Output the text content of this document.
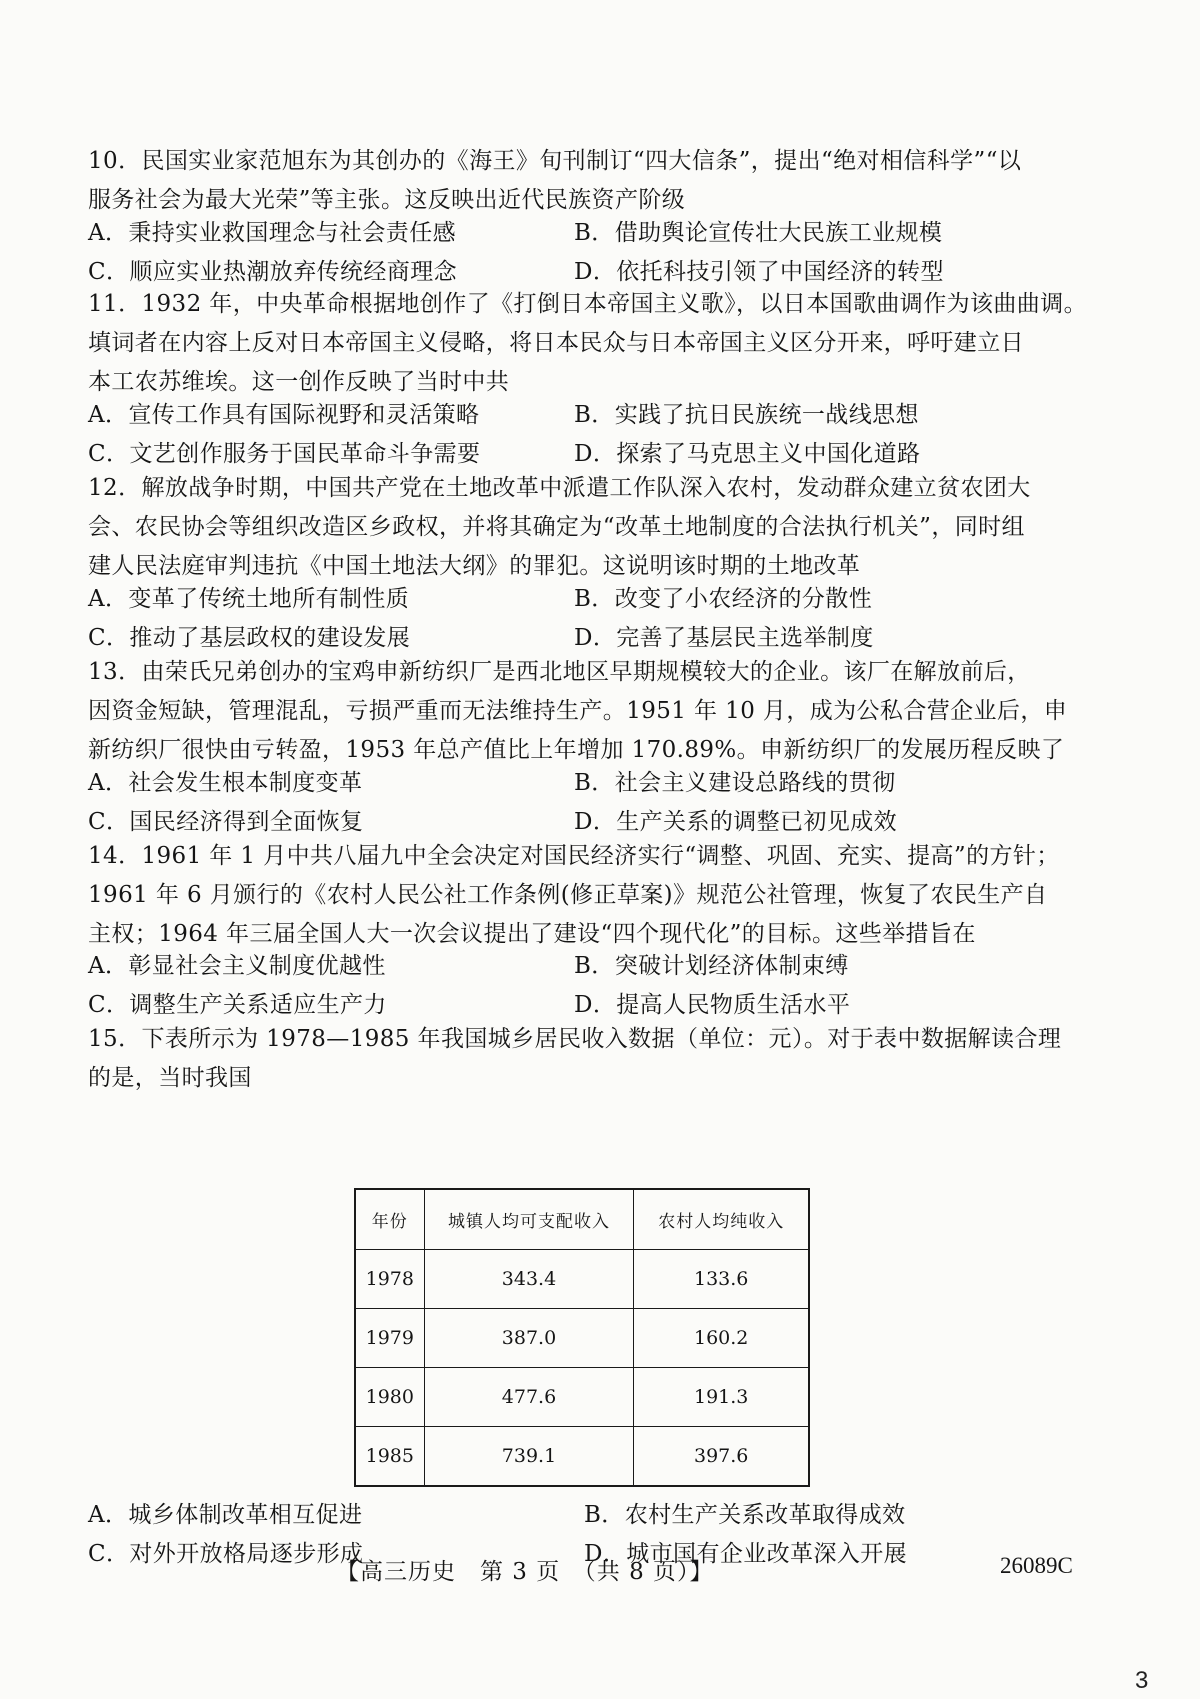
10．民国实业家范旭东为其创办的《海王》旬刊制订“四大信条”，提出“绝对相信科学”“以

服务社会为最大光荣”等主张。这反映出近代民族资产阶级

A．秉持实业救国理念与社会责任感	B．借助舆论宣传壮大民族工业规模
C．顺应实业热潮放弃传统经商理念	D．依托科技引领了中国经济的转型

11．1932 年，中央革命根据地创作了《打倒日本帝国主义歌》，以日本国歌曲调作为该曲曲调。

填词者在内容上反对日本帝国主义侵略，将日本民众与日本帝国主义区分开来，呼吁建立日

本工农苏维埃。这一创作反映了当时中共

A．宣传工作具有国际视野和灵活策略	B．实践了抗日民族统一战线思想
C．文艺创作服务于国民革命斗争需要	D．探索了马克思主义中国化道路

12．解放战争时期，中国共产党在土地改革中派遣工作队深入农村，发动群众建立贫农团大

会、农民协会等组织改造区乡政权，并将其确定为“改革土地制度的合法执行机关”，同时组

建人民法庭审判违抗《中国土地法大纲》的罪犯。这说明该时期的土地改革

A．变革了传统土地所有制性质	B．改变了小农经济的分散性
C．推动了基层政权的建设发展	D．完善了基层民主选举制度

13．由荣氏兄弟创办的宝鸡申新纺织厂是西北地区早期规模较大的企业。该厂在解放前后，

因资金短缺，管理混乱，亏损严重而无法维持生产。1951 年 10 月，成为公私合营企业后，申

新纺织厂很快由亏转盈，1953 年总产值比上年增加 170.89%。申新纺织厂的发展历程反映了

A．社会发生根本制度变革	B．社会主义建设总路线的贯彻
C．国民经济得到全面恢复	D．生产关系的调整已初见成效

14．1961 年 1 月中共八届九中全会决定对国民经济实行“调整、巩固、充实、提高”的方针；

1961 年 6 月颁行的《农村人民公社工作条例(修正草案)》规范公社管理，恢复了农民生产自

主权；1964 年三届全国人大一次会议提出了建设“四个现代化”的目标。这些举措旨在

A．彰显社会主义制度优越性	B．突破计划经济体制束缚
C．调整生产关系适应生产力	D．提高人民物质生活水平

15．下表所示为 1978—1985 年我国城乡居民收入数据（单位：元）。对于表中数据解读合理

的是，当时我国

年份	城镇人均可支配收入	农村人均纯收入
1978	343.4	133.6
1979	387.0	160.2
1980	477.6	191.3
1985	739.1	397.6
A．城乡体制改革相互促进	B．农村生产关系改革取得成效
C．对外开放格局逐步形成	D．城市国有企业改革深入开展
【高三历史　第 3 页　（共 8 页）】	26089C
3
